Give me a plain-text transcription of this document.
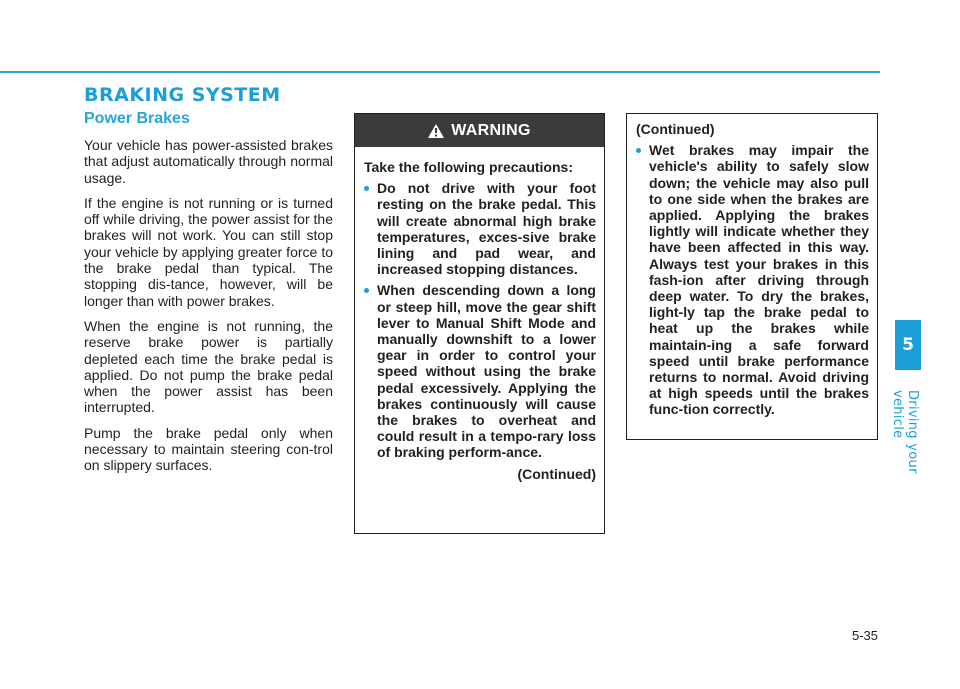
BRAKING SYSTEM
Power Brakes

Your vehicle has power-assisted brakes that adjust automatically through normal usage.

If the engine is not running or is turned off while driving, the power assist for the brakes will not work. You can still stop your vehicle by applying greater force to the brake pedal than typical. The stopping dis-tance, however, will be longer than with power brakes.

When the engine is not running, the reserve brake power is partially depleted each time the brake pedal is applied. Do not pump the brake pedal when the power assist has been interrupted.

Pump the brake pedal only when necessary to maintain steering con-trol on slippery surfaces.

WARNING

Take the following precautions:

Do not drive with your foot resting on the brake pedal. This will create abnormal high brake temperatures, exces-sive brake lining and pad wear, and increased stopping distances.
When descending down a long or steep hill, move the gear shift lever to Manual Shift Mode and manually downshift to a lower gear in order to control your speed without using the brake pedal excessively. Applying the brakes continuously will cause the brakes to overheat and could result in a tempo-rary loss of braking perform-ance.
(Continued)

(Continued)

Wet brakes may impair the vehicle's ability to safely slow down; the vehicle may also pull to one side when the brakes are applied. Applying the brakes lightly will indicate whether they have been affected in this way. Always test your brakes in this fash-ion after driving through deep water. To dry the brakes, light-ly tap the brake pedal to heat up the brakes while maintain-ing a safe forward speed until brake performance returns to normal. Avoid driving at high speeds until the brakes func-tion correctly.
5
Driving your vehicle
5-35
